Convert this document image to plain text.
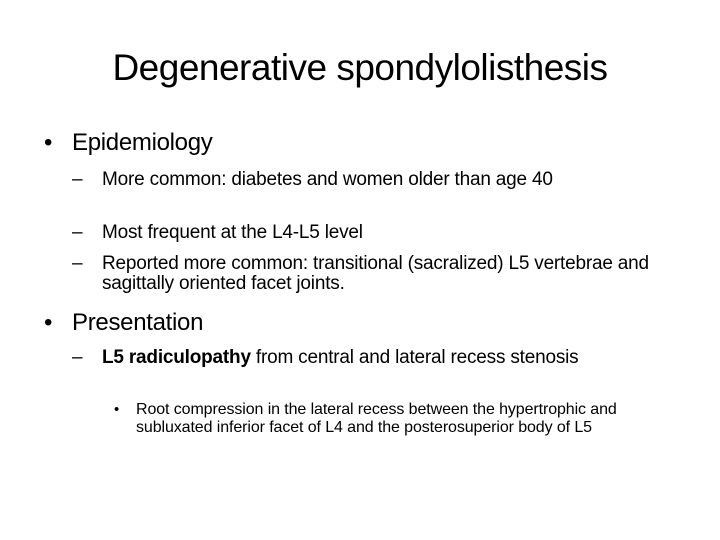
Degenerative spondylolisthesis
• Epidemiology
– More common: diabetes and women older than age 40
– Most frequent at the L4-L5 level
– Reported more common: transitional (sacralized) L5 vertebrae and sagittally oriented facet joints.
• Presentation
– L5 radiculopathy from central and lateral recess stenosis
• Root compression in the lateral recess between the hypertrophic and subluxated inferior facet of L4 and the posterosuperior body of L5
